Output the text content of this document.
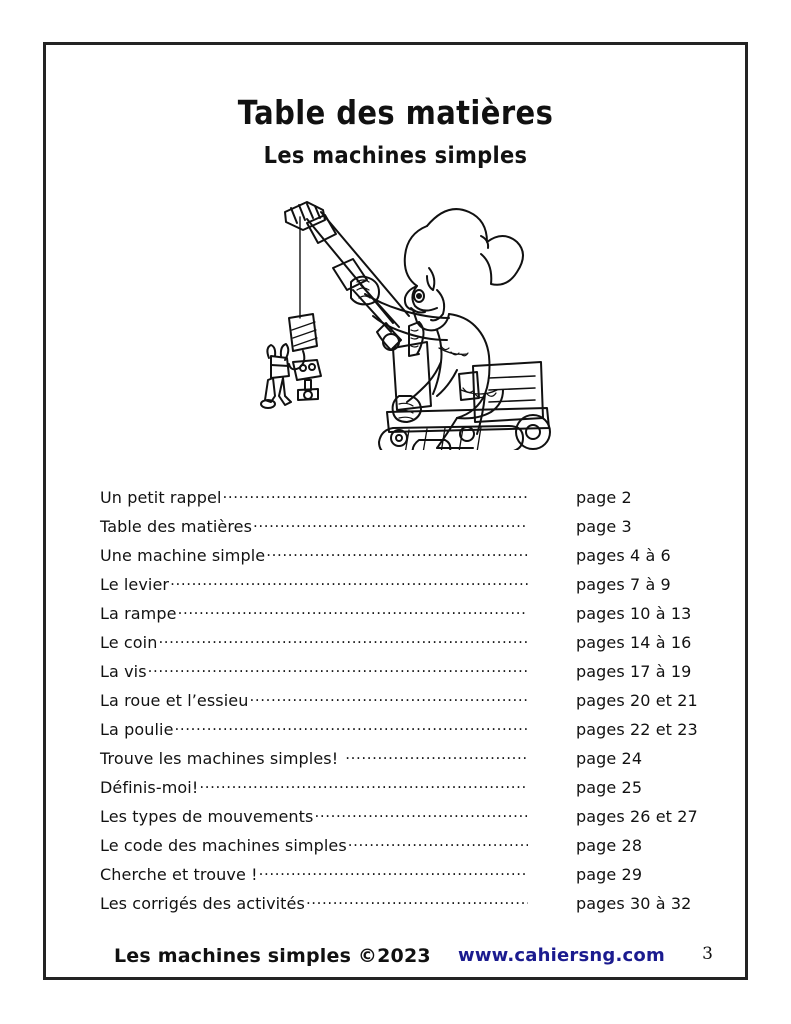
Table des matières
Les machines simples
Un petit rappel .....	page 2
Table des matières .....	page 3
Une machine simple .....	pages 4 à 6
Le levier .....	pages 7 à 9
La rampe .....	pages 10 à 13
Le coin .....	pages 14 à 16
La vis .....	pages 17 à 19
La roue et l’essieu .....	pages 20 et 21
La poulie .....	pages 22 et 23
Trouve les machines simples! .....	page 24
Définis-moi! .....	page 25
Les types de mouvements .....	pages 26 et 27
Le code des machines simples .....	page 28
Cherche et trouve ! .....	page 29
Les corrigés des activités .....	pages 30 à 32
Les machines simples ©2023 www.cahiersng.com 3
